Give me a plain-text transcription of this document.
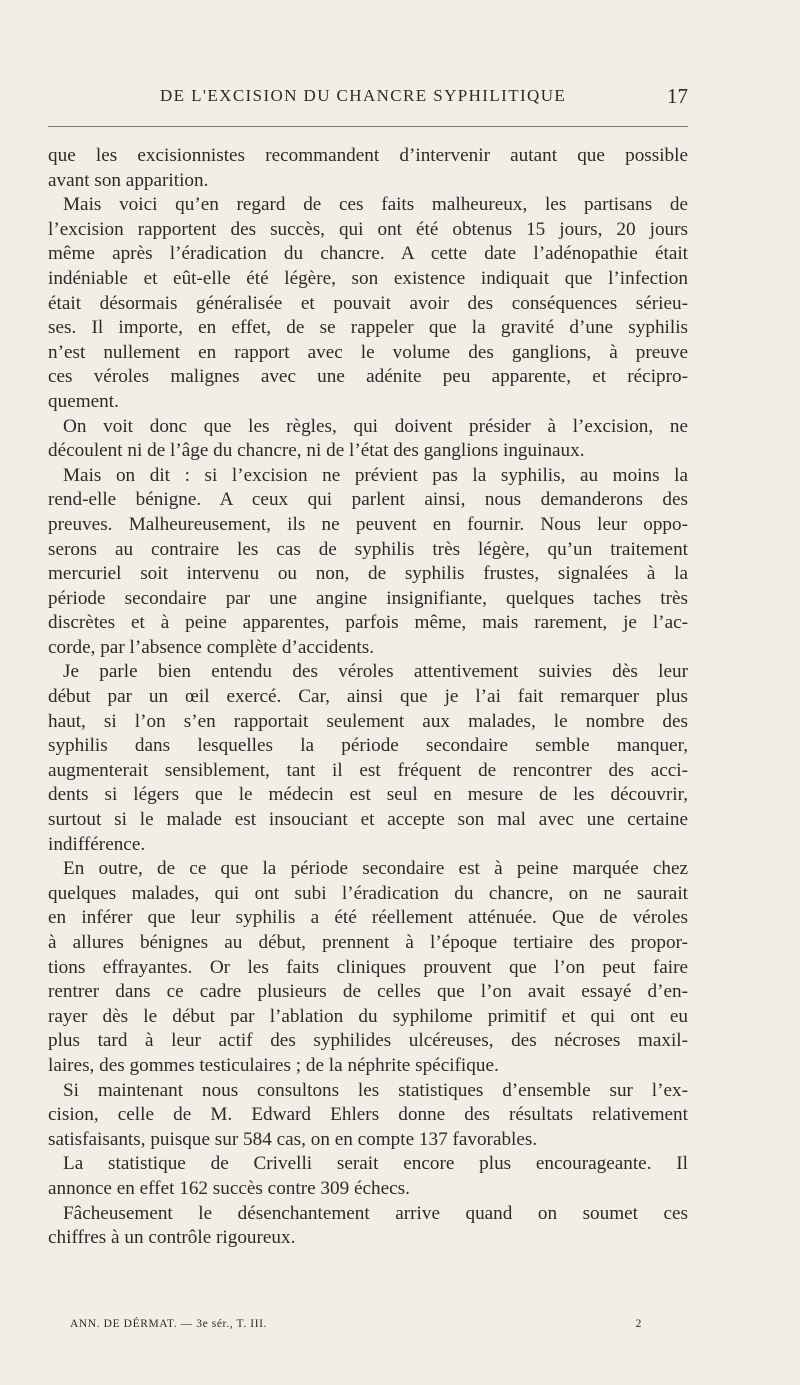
DE L'EXCISION DU CHANCRE SYPHILITIQUE	17
que les excisionnistes recommandent d’intervenir autant que possible
avant son apparition.
Mais voici qu’en regard de ces faits malheureux, les partisans de
l’excision rapportent des succès, qui ont été obtenus 15 jours, 20 jours
même après l’éradication du chancre. A cette date l’adénopathie était
indéniable et eût-elle été légère, son existence indiquait que l’infection
était désormais généralisée et pouvait avoir des conséquences sérieu-
ses. Il importe, en effet, de se rappeler que la gravité d’une syphilis
n’est nullement en rapport avec le volume des ganglions, à preuve
ces véroles malignes avec une adénite peu apparente, et récipro-
quement.
On voit donc que les règles, qui doivent présider à l’excision, ne
découlent ni de l’âge du chancre, ni de l’état des ganglions inguinaux.
Mais on dit : si l’excision ne prévient pas la syphilis, au moins la
rend-elle bénigne. A ceux qui parlent ainsi, nous demanderons des
preuves. Malheureusement, ils ne peuvent en fournir. Nous leur oppo-
serons au contraire les cas de syphilis très légère, qu’un traitement
mercuriel soit intervenu ou non, de syphilis frustes, signalées à la
période secondaire par une angine insignifiante, quelques taches très
discrètes et à peine apparentes, parfois même, mais rarement, je l’ac-
corde, par l’absence complète d’accidents.
Je parle bien entendu des véroles attentivement suivies dès leur
début par un œil exercé. Car, ainsi que je l’ai fait remarquer plus
haut, si l’on s’en rapportait seulement aux malades, le nombre des
syphilis dans lesquelles la période secondaire semble manquer,
augmenterait sensiblement, tant il est fréquent de rencontrer des acci-
dents si légers que le médecin est seul en mesure de les découvrir,
surtout si le malade est insouciant et accepte son mal avec une certaine
indifférence.
En outre, de ce que la période secondaire est à peine marquée chez
quelques malades, qui ont subi l’éradication du chancre, on ne saurait
en inférer que leur syphilis a été réellement atténuée. Que de véroles
à allures bénignes au début, prennent à l’époque tertiaire des propor-
tions effrayantes. Or les faits cliniques prouvent que l’on peut faire
rentrer dans ce cadre plusieurs de celles que l’on avait essayé d’en-
rayer dès le début par l’ablation du syphilome primitif et qui ont eu
plus tard à leur actif des syphilides ulcéreuses, des nécroses maxil-
laires, des gommes testiculaires ; de la néphrite spécifique.
Si maintenant nous consultons les statistiques d’ensemble sur l’ex-
cision, celle de M. Edward Ehlers donne des résultats relativement
satisfaisants, puisque sur 584 cas, on en compte 137 favorables.
La statistique de Crivelli serait encore plus encourageante. Il
annonce en effet 162 succès contre 309 échecs.
Fâcheusement le désenchantement arrive quand on soumet ces
chiffres à un contrôle rigoureux.
ANN. DE DÉRMAT. — 3e sér., T. III.	2
